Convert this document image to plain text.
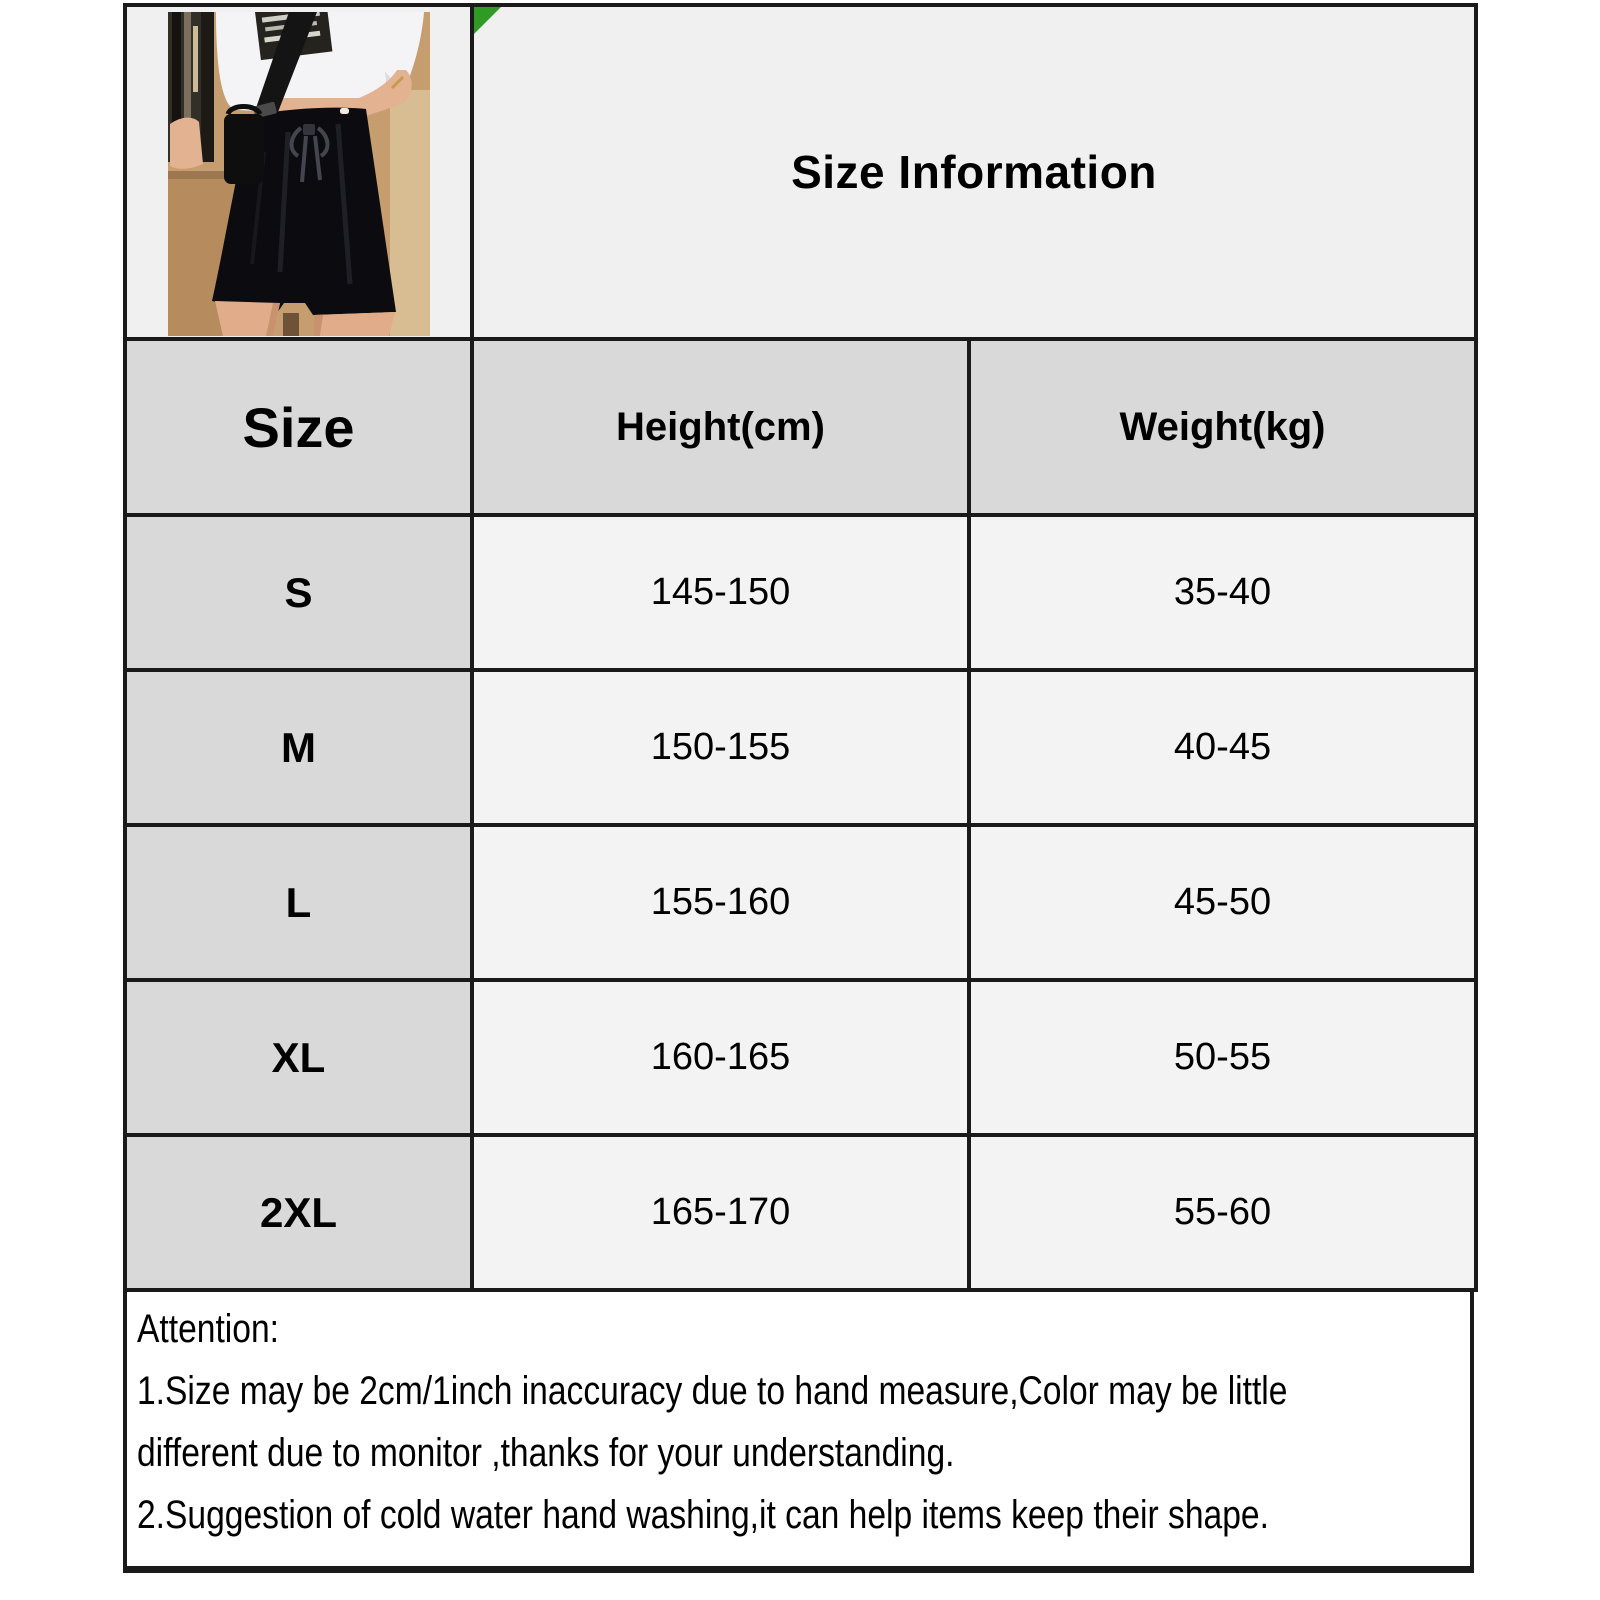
Size Information	
Size	Height(cm)	Weight(kg)
S	145-150	35-40
M	150-155	40-45
L	155-160	45-50
XL	160-165	50-55
2XL	165-170	55-60
Attention:
1.Size may be 2cm/1inch inaccuracy due to hand measure,Color may be little
different due to monitor ,thanks for your understanding.
2.Suggestion of cold water hand washing,it can help items keep their shape.
